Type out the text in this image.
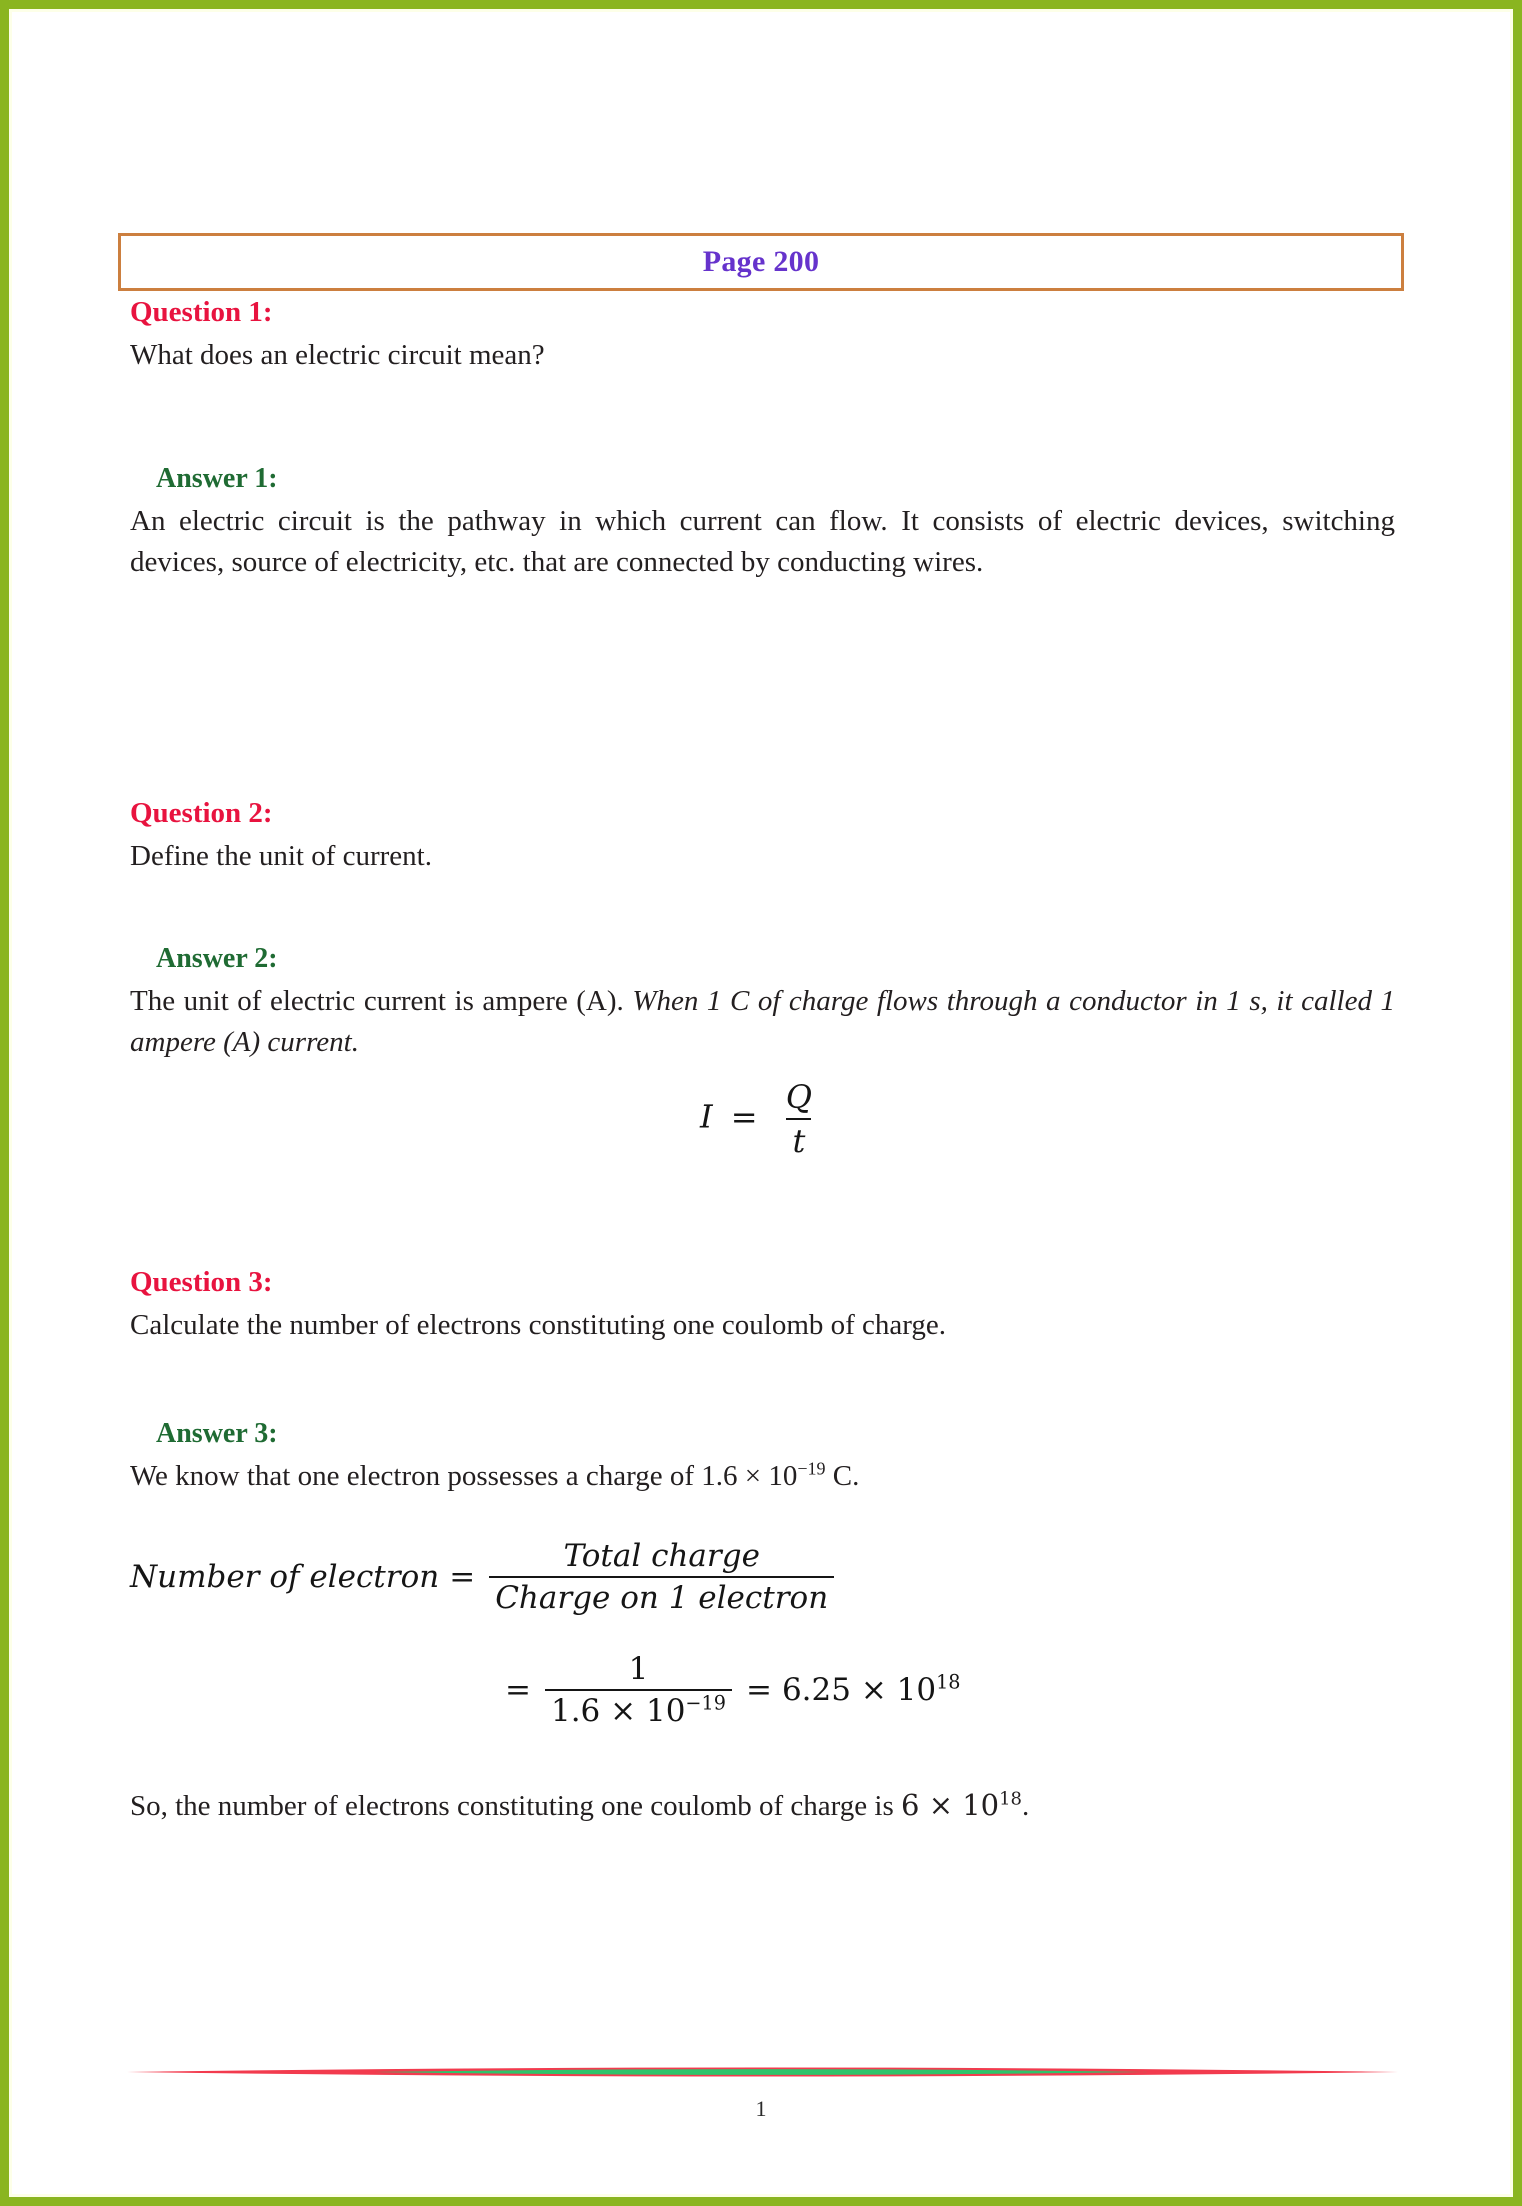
Page 200

Question 1:

What does an electric circuit mean?

Answer 1:

An electric circuit is the pathway in which current can flow. It consists of electric devices, switching devices, source of electricity, etc. that are connected by conducting wires.

Question 2:

Define the unit of current.

Answer 2:

The unit of electric current is ampere (A). When 1 C of charge flows through a conductor in 1 s, it called 1 ampere (A) current.

$I = \frac{Q}{t}$

Question 3:

Calculate the number of electrons constituting one coulomb of charge.

Answer 3:

We know that one electron possesses a charge of $1.6 \times 10^{-19}$ C.

Number of electron = $\frac{\text{Total charge}}{\text{Charge on 1 electron}}$
= $\frac{1}{1.6 \times 10^{-19}} = 6.25 \times 10^{18}$
So, the number of electrons constituting one coulomb of charge is $6 \times 10^{18}$.
1
